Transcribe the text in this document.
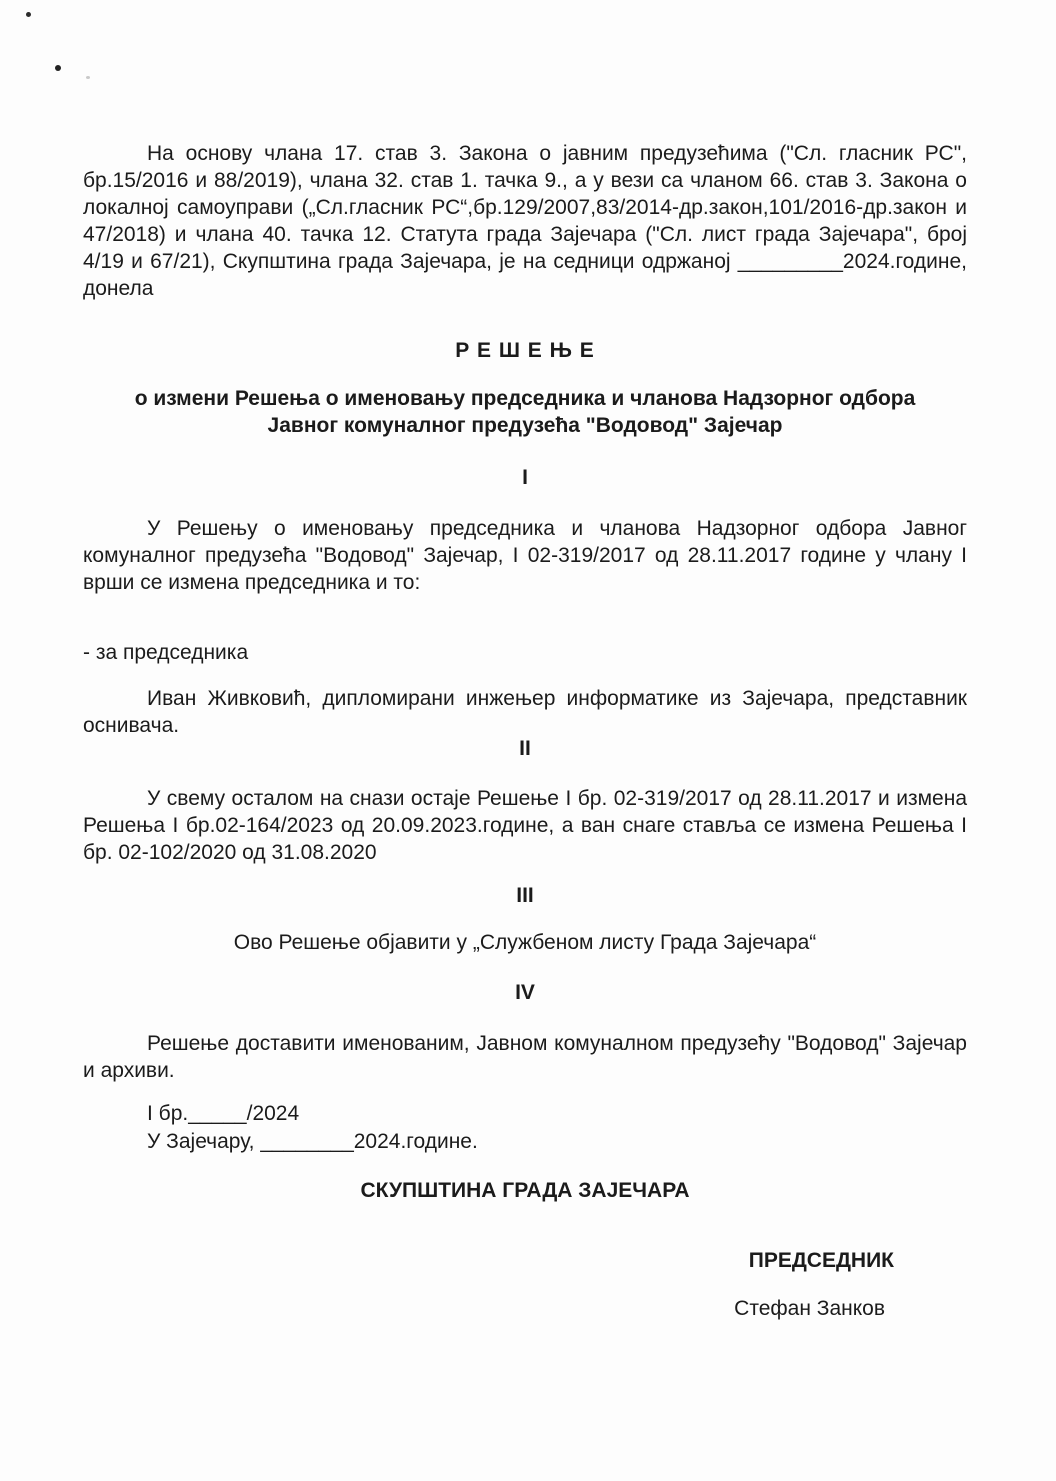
На основу члана 17. став 3. Закона о јавним предузећима ("Сл. гласник РС", бр.15/2016 и 88/2019), члана 32. став 1. тачка 9., а у вези са чланом 66. став 3. Закона о локалној самоуправи („Сл.гласник РС“,бр.129/2007,83/2014-др.закон,101/2016-др.закон и 47/2018) и члана 40. тачка 12. Статута града Зајечара ("Сл. лист града Зајечара", број 4/19 и 67/21), Скупштина града Зајечара, је на седници одржаној _________2024.године, донела

Р Е Ш Е Њ Е
о измени Решења о именовању председника и чланова Надзорног одбора
Јавног комуналног предузећа "Водовод" Зајечар
I

У Решењу о именовању председника и чланова Надзорног одбора Јавног комуналног предузећа "Водовод" Зајечар, I 02-319/2017 од 28.11.2017 године у члану I врши се измена председника и то:

- за председника

Иван Живковић, дипломирани инжењер информатике из Зајечара, представник оснивача.

II

У свему осталом на снази остаје Решење I бр. 02-319/2017 од 28.11.2017 и измена Решења I бр.02-164/2023 од 20.09.2023.године, а ван снаге ставља се измена Решења I бр. 02-102/2020 од 31.08.2020

III

Ово Решење објавити у „Службеном листу Града Зајечара“

IV

Решење доставити именованим, Јавном комуналном предузећу "Водовод" Зајечар и архиви.

I бр._____/2024

У Зајечару, ________2024.године.

СКУПШТИНА ГРАДА ЗАЈЕЧАРА

ПРЕДСЕДНИК

Стефан Занков
